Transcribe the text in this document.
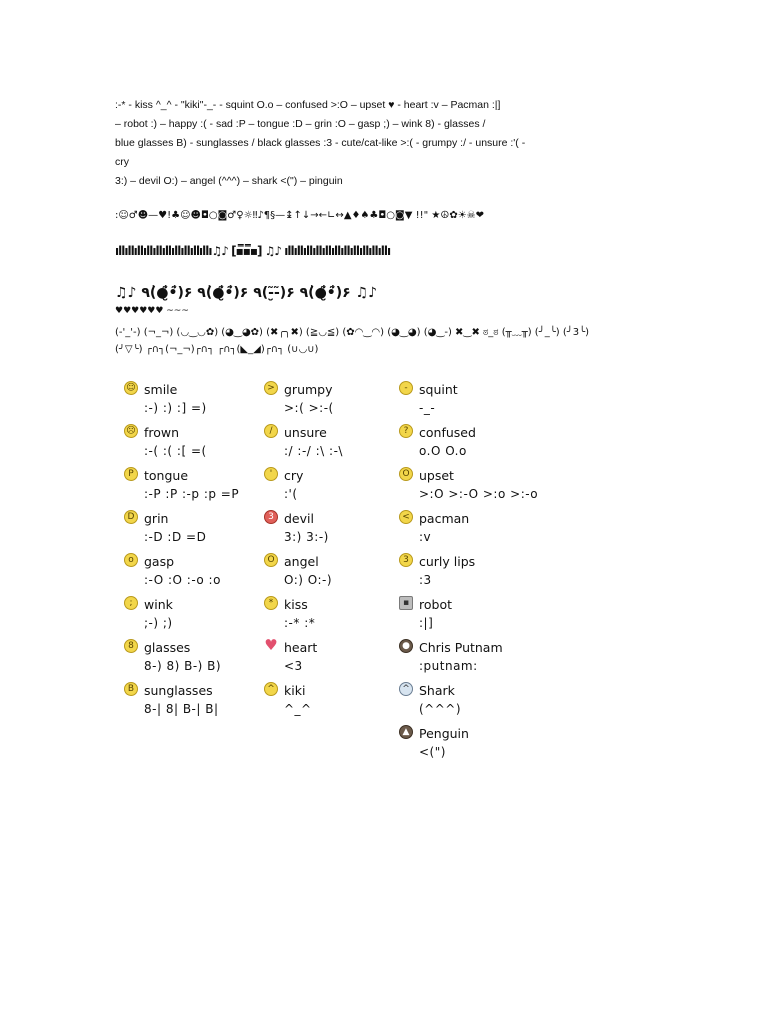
:-* - kiss ^_^ - "kiki"-_- - squint O.o – confused >:O – upset ♥ - heart :v – Pacman :|]
– robot :) – happy :( - sad :P – tongue :D – grin :O – gasp ;) – wink 8) - glasses /
blue glasses B) - sunglasses / black glasses :3 - cute/cat-like >:( - grumpy :/ - unsure :'( -
cry
3:) – devil O:) – angel (^^^) – shark <(") – pinguin
:☺♂☻—♥!♣☺☻◘○◙♂♀☼‼♪¶§—↨↑↓→←∟↔▲♦♠♣◘○◙▼ !!" ★☮✿☀☠❤
ıllıllıllıllıllıllıllıllıllıllı♫♪ [▪̅̅▪̅̅̅▪] ♫♪ ıllıllıllıllıllıllıllıllıllıllıllı
♫♪ ٩(̾●̮̮̃̾•̃̾)۶ ٩(̾●̮̮̃̾•̃̾)۶ ٩(-̮̮̃-̃)۶ ٩(̾●̮̮̃̾•̃̾)۶ ♫♪
♥♥♥♥♥♥ ~~~
(-'_'-) (¬_¬) (◡‿◡✿) (◕‿◕✿) (✖╭╮✖) (≧◡≦) (✿◠‿◠) (◕‿◕) (◕‿-) ✖‿✖ ಠ_ಠ (╥﹏╥) (╯_╰) (╯3╰)
(╯▽╰) ┌∩┐(¬_¬)┌∩┐ ┌∩┐(◣_◢)┌∩┐ (∪◡∪)
☺ smile
:-) :) :] =)
☹ frown
:-( :( :[ =(
P tongue
:-P :P :-p :p =P
D grin
:-D :D =D
o gasp
:-O :O :-o :o
; wink
;-) ;)
8 glasses
8-) 8) B-) B)
B sunglasses
8-| 8| B-| B|
> grumpy
>:( >:-(
/ unsure
:/ :-/ :\ :-\
' cry
:'(
3 devil
3:) 3:-)
O angel
O:) O:-)
* kiss
:-* :*
♥ heart
<3
^ kiki
^_^
- squint
-_-
? confused
o.O O.o
O upset
>:O >:-O >:o >:-o
< pacman
:v
3 curly lips
:3
▪ robot
:|]
● Chris Putnam
:putnam:
^ Shark
(^^^)
▲ Penguin
<(")
